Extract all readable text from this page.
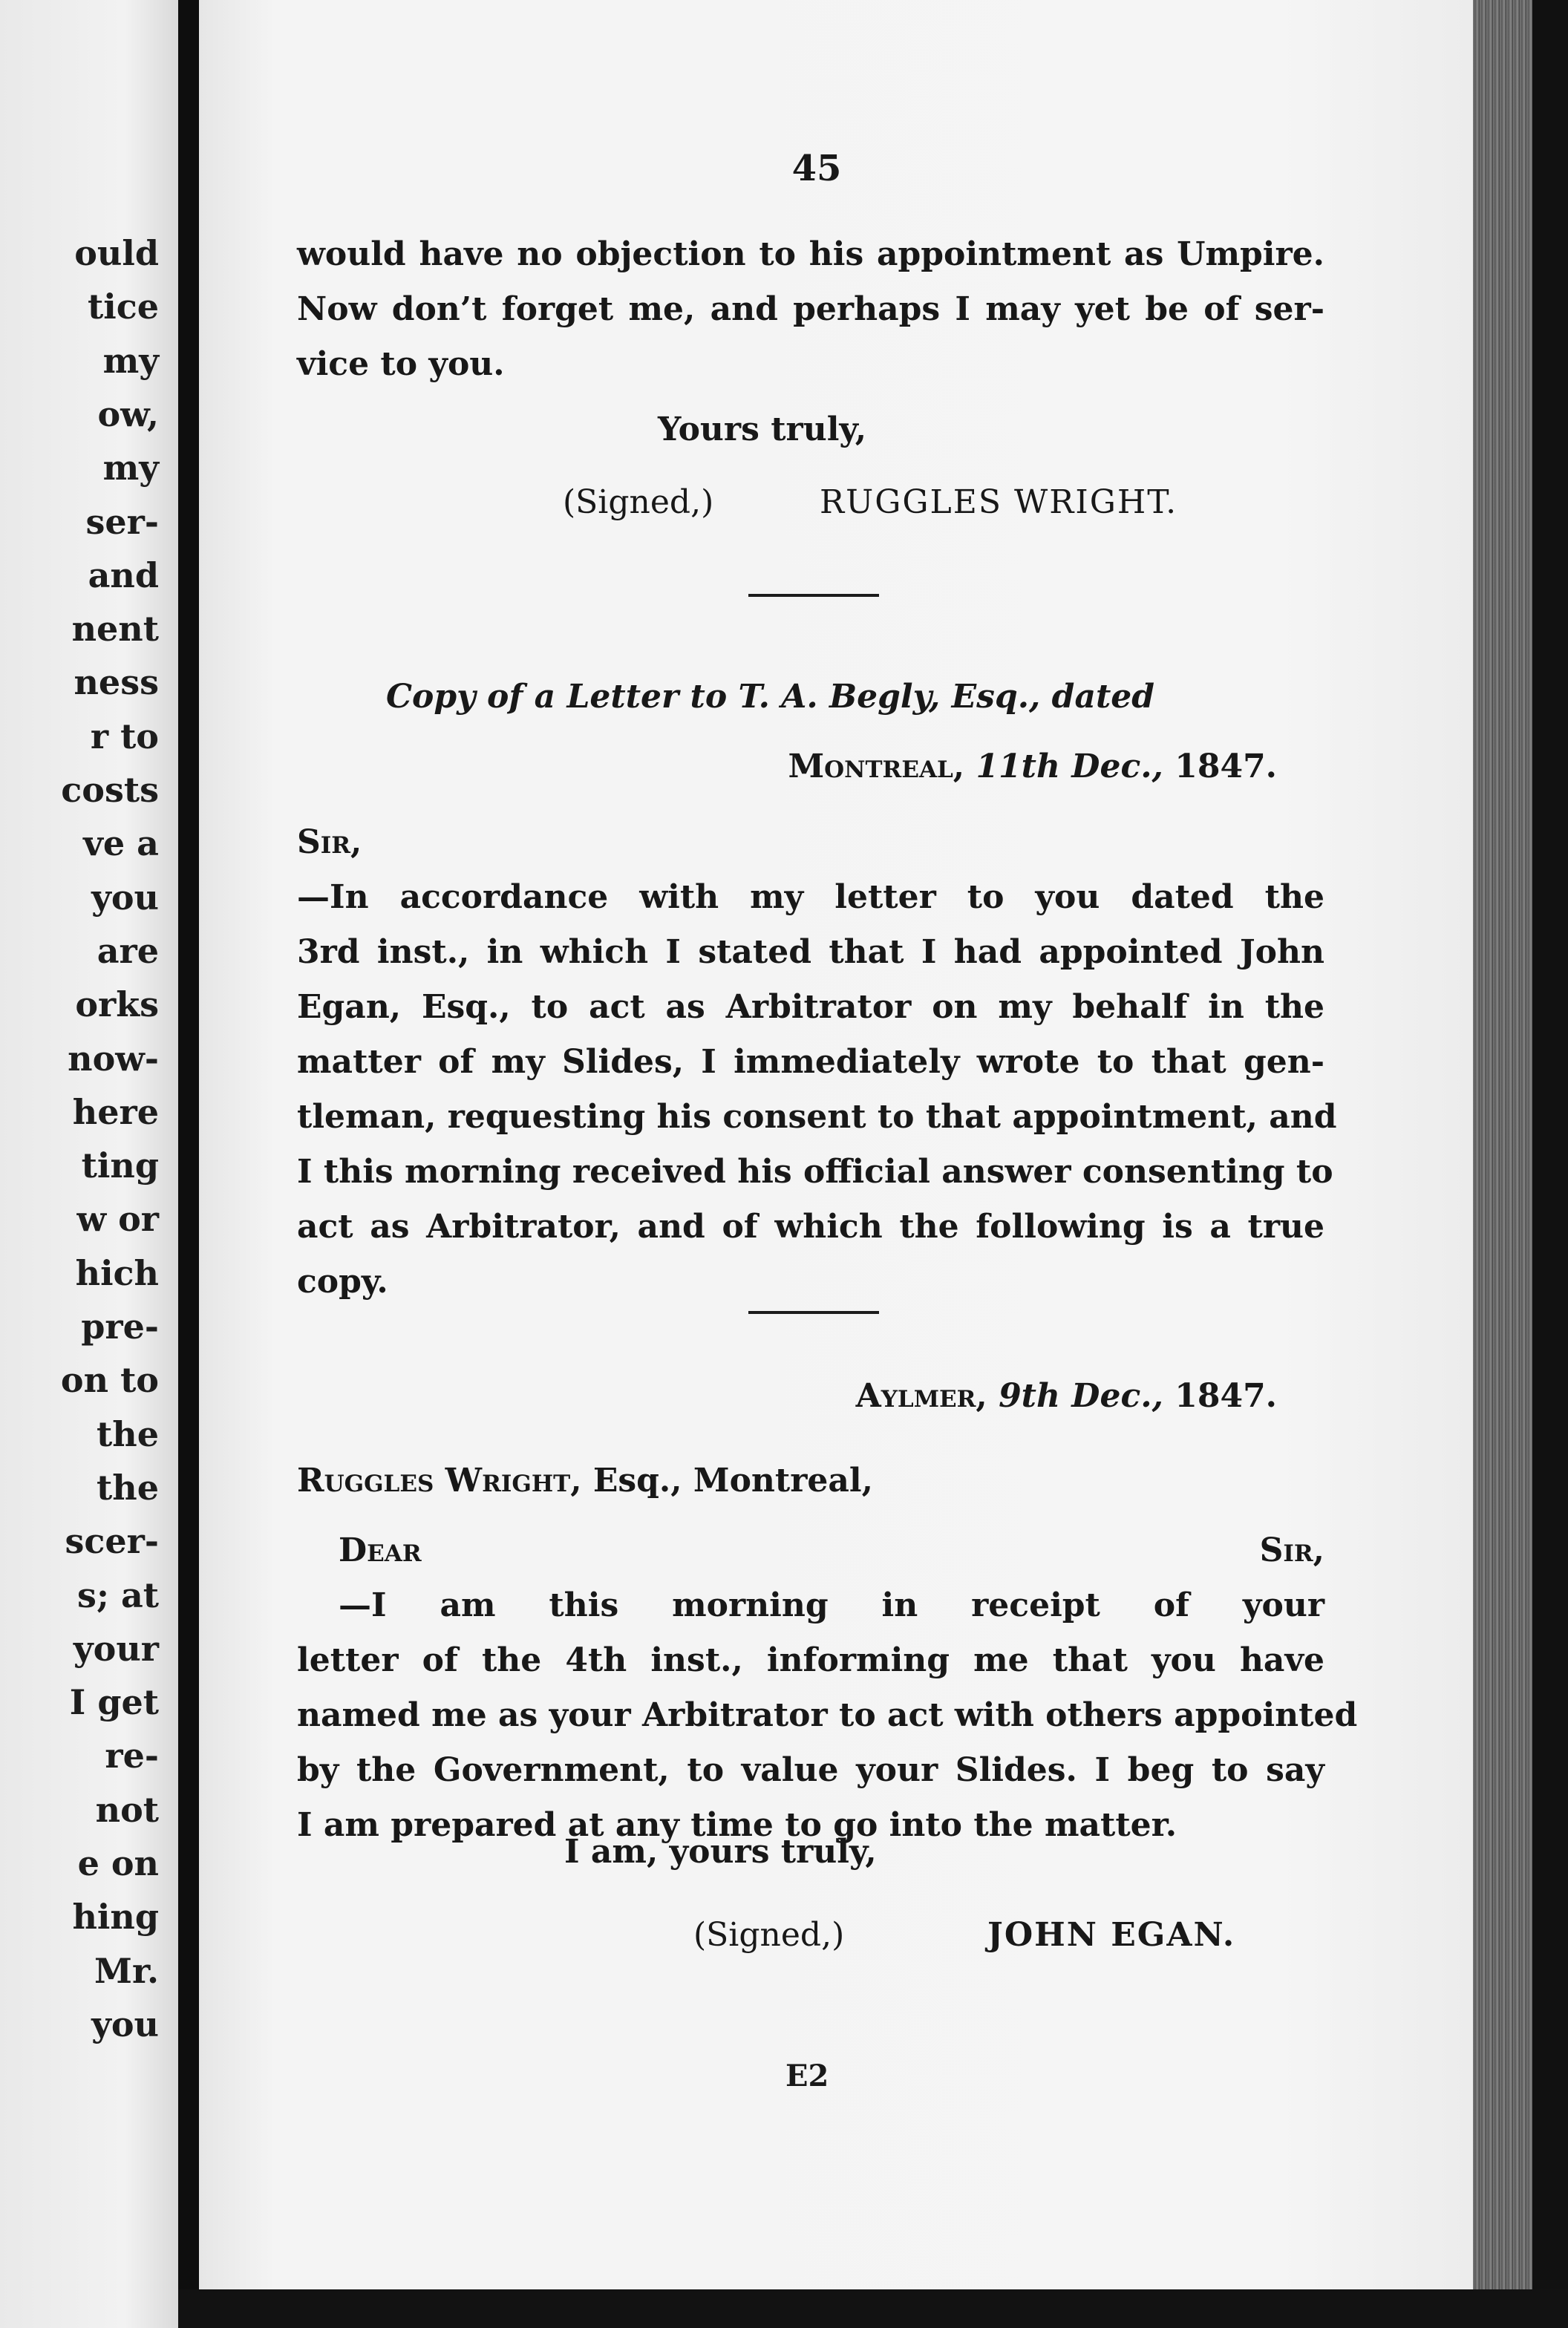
ould
tice
my
ow,
my
ser-
and
nent
ness
r to
costs
ve a
you
are
orks
now-
here
ting
w or
hich
pre-
on to
the
the
scer-
s; at
your
I get
re-
not
e on
hing
Mr.
you

45

would have no objection to his appointment as Umpire.
Now don’t forget me, and perhaps I may yet be of ser-
vice to you.

Yours truly,

(Signed,)	RUGGLES WRIGHT.

Copy of a Letter to T. A. Begly, Esq., dated

Montreal, 11th Dec., 1847.

Sir,
—In accordance with my letter to you dated the
3rd inst., in which I stated that I had appointed John
Egan, Esq., to act as Arbitrator on my behalf in the
matter of my Slides, I immediately wrote to that gen-
tleman, requesting his consent to that appointment, and
I this morning received his official answer consenting to
act as Arbitrator, and of which the following is a true
copy.

Aylmer, 9th Dec., 1847.

Ruggles Wright, Esq., Montreal,

Dear Sir,
—I am this morning in receipt of your
letter of the 4th inst., informing me that you have
named me as your Arbitrator to act with others appointed
by the Government, to value your Slides. I beg to say
I am prepared at any time to go into the matter.

I am, yours truly,

(Signed,)	JOHN EGAN.

E2
